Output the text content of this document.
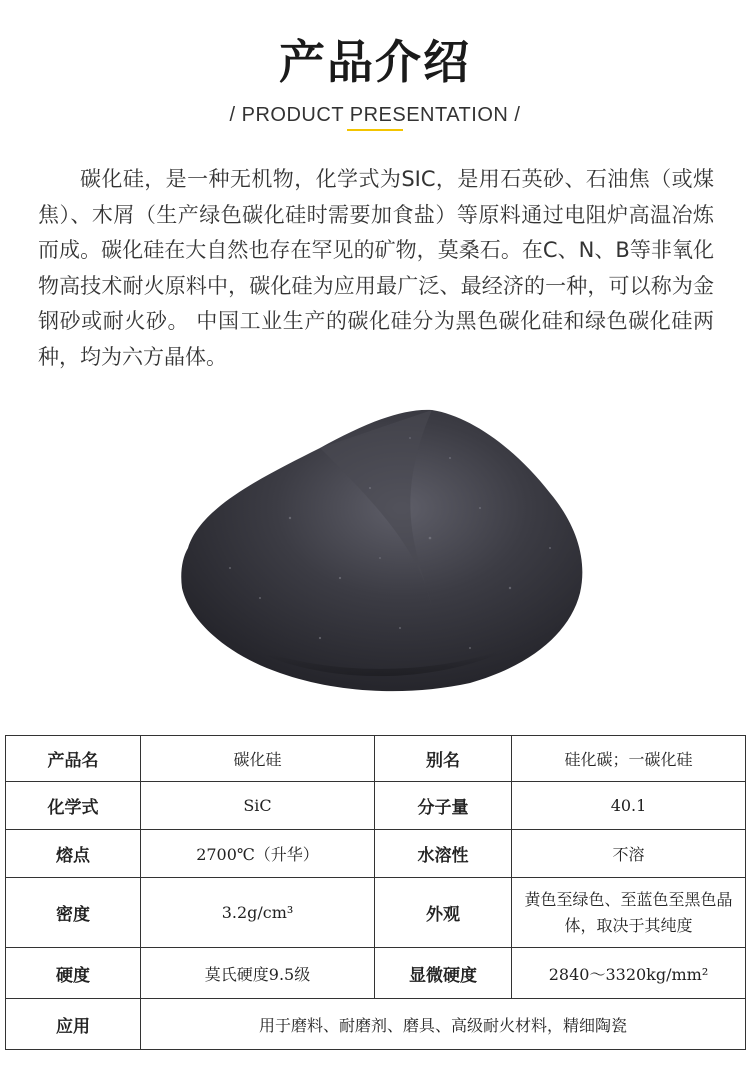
产品介绍
/ PRODUCT PRESENTATION /

碳化硅，是一种无机物，化学式为SIC，是用石英砂、石油焦（或煤焦）、木屑（生产绿色碳化硅时需要加食盐）等原料通过电阻炉高温冶炼而成。碳化硅在大自然也存在罕见的矿物，莫桑石。在C、N、B等非氧化物高技术耐火原料中，碳化硅为应用最广泛、最经济的一种，可以称为金钢砂或耐火砂。 中国工业生产的碳化硅分为黑色碳化硅和绿色碳化硅两种，均为六方晶体。

产品名	碳化硅	别名	硅化碳；一碳化硅
化学式	SiC	分子量	40.1
熔点	2700℃（升华）	水溶性	不溶
密度	3.2g/cm³	外观	黄色至绿色、至蓝色至黑色晶体，取决于其纯度
硬度	莫氏硬度9.5级	显微硬度	2840～3320kg/mm²
应用	用于磨料、耐磨剂、磨具、高级耐火材料，精细陶瓷		
